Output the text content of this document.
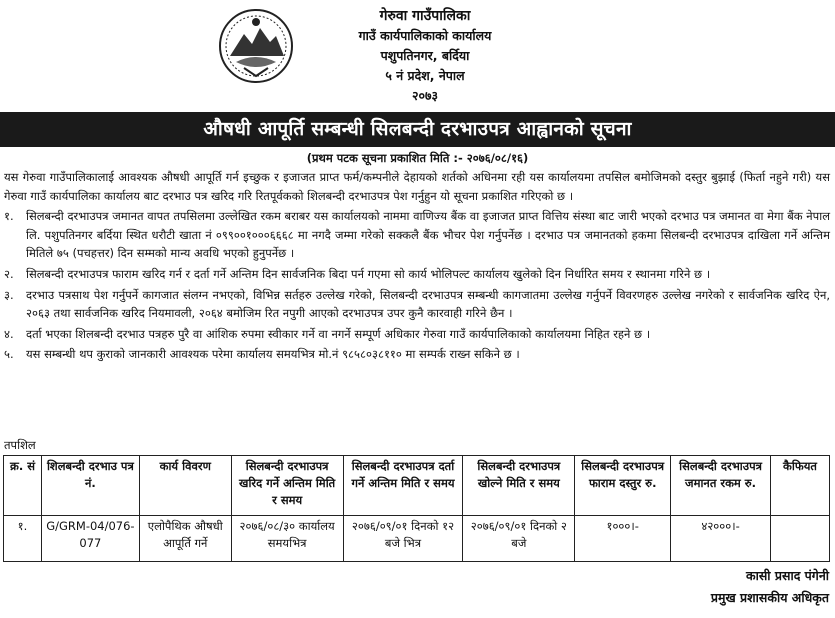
गेरुवा गाउँपालिका
गाउँ कार्यपालिकाको कार्यालय
पशुपतिनगर, बर्दिया
५ नं प्रदेश, नेपाल
२०७३
औषधी आपूर्ति सम्बन्धी सिलबन्दी दरभाउपत्र आह्वानको सूचना
(प्रथम पटक सूचना प्रकाशित मिति :- २०७६/०८/१६)

यस गेरुवा गाउँपालिकालाई आवश्यक औषधी आपूर्ति गर्न इच्छुक र इजाजत प्राप्त फर्म/कम्पनीले देहायको शर्तको अधिनमा रही यस कार्यालयमा तपसिल बमोजिमको दस्तुर बुझाई (फिर्ता नहुने गरी) यस गेरुवा गाउँ कार्यपालिका कार्यालय बाट दरभाउ पत्र खरिद गरि रितपूर्वकको शिलबन्दी दरभाउपत्र पेश गर्नुहुन यो सूचना प्रकाशित गरिएको छ ।

१.	सिलबन्दी दरभाउपत्र जमानत वापत तपसिलमा उल्लेखित रकम बराबर यस कार्यालयको नाममा वाणिज्य बैंक वा इजाजत प्राप्त वित्तिय संस्था बाट जारी भएको दरभाउ पत्र जमानत वा मेगा बैंक नेपाल लि. पशुपतिनगर बर्दिया स्थित धरौटी खाता नं ०९९००१०००६६६८ मा नगदै जम्मा गरेको सक्कलै बैंक भौचर पेश गर्नुपर्नेछ । दरभाउ पत्र जमानतको हकमा सिलबन्दी दरभाउपत्र दाखिला गर्ने अन्तिम मितिले ७५ (पचहत्तर) दिन सम्मको मान्य अवधि भएको हुनुपर्नेछ ।
२.	सिलबन्दी दरभाउपत्र फाराम खरिद गर्न र दर्ता गर्ने अन्तिम दिन सार्वजनिक बिदा पर्न गएमा सो कार्य भोलिपल्ट कार्यालय खुलेको दिन निर्धारित समय र स्थानमा गरिने छ ।
३.	दरभाउ पत्रसाथ पेश गर्नुपर्ने कागजात संलग्न नभएको, विभिन्न सर्तहरु उल्लेख गरेको, सिलबन्दी दरभाउपत्र सम्बन्धी कागजातमा उल्लेख गर्नुपर्ने विवरणहरु उल्लेख नगरेको र सार्वजनिक खरिद ऐन, २०६३ तथा सार्वजनिक खरिद नियमावली, २०६४ बमोजिम रित नपुगी आएको दरभाउपत्र उपर कुनै कारवाही गरिने छैन ।
४.	दर्ता भएका शिलबन्दी दरभाउ पत्रहरु पुरै वा आंशिक रुपमा स्वीकार गर्ने वा नगर्ने सम्पूर्ण अधिकार गेरुवा गाउँ कार्यपालिकाको कार्यालयमा निहित रहने छ ।
५.	यस सम्बन्धी थप कुराको जानकारी आवश्यक परेमा कार्यालय समयभित्र मो.नं ९८५८०३८११० मा सम्पर्क राख्न सकिने छ ।
तपशिल
क्र. सं	शिलबन्दी दरभाउ पत्र नं.	कार्य विवरण	सिलबन्दी दरभाउपत्र खरिद गर्ने अन्तिम मिति र समय	सिलबन्दी दरभाउपत्र दर्ता गर्ने अन्तिम मिति र समय	सिलबन्दी दरभाउपत्र खोल्ने मिति र समय	सिलबन्दी दरभाउपत्र फाराम दस्तुर रु.	सिलबन्दी दरभाउपत्र जमानत रकम रु.	कैफियत
१.	G/GRM-04/076-077	एलोपैथिक औषधी आपूर्ति गर्ने	२०७६/०८/३० कार्यालय समयभित्र	२०७६/०९/०१ दिनको १२ बजे भित्र	२०७६/०९/०१ दिनको २ बजे	१०००।-	४२०००।-	
कासी प्रसाद पंगेनी
प्रमुख प्रशासकीय अधिकृत
